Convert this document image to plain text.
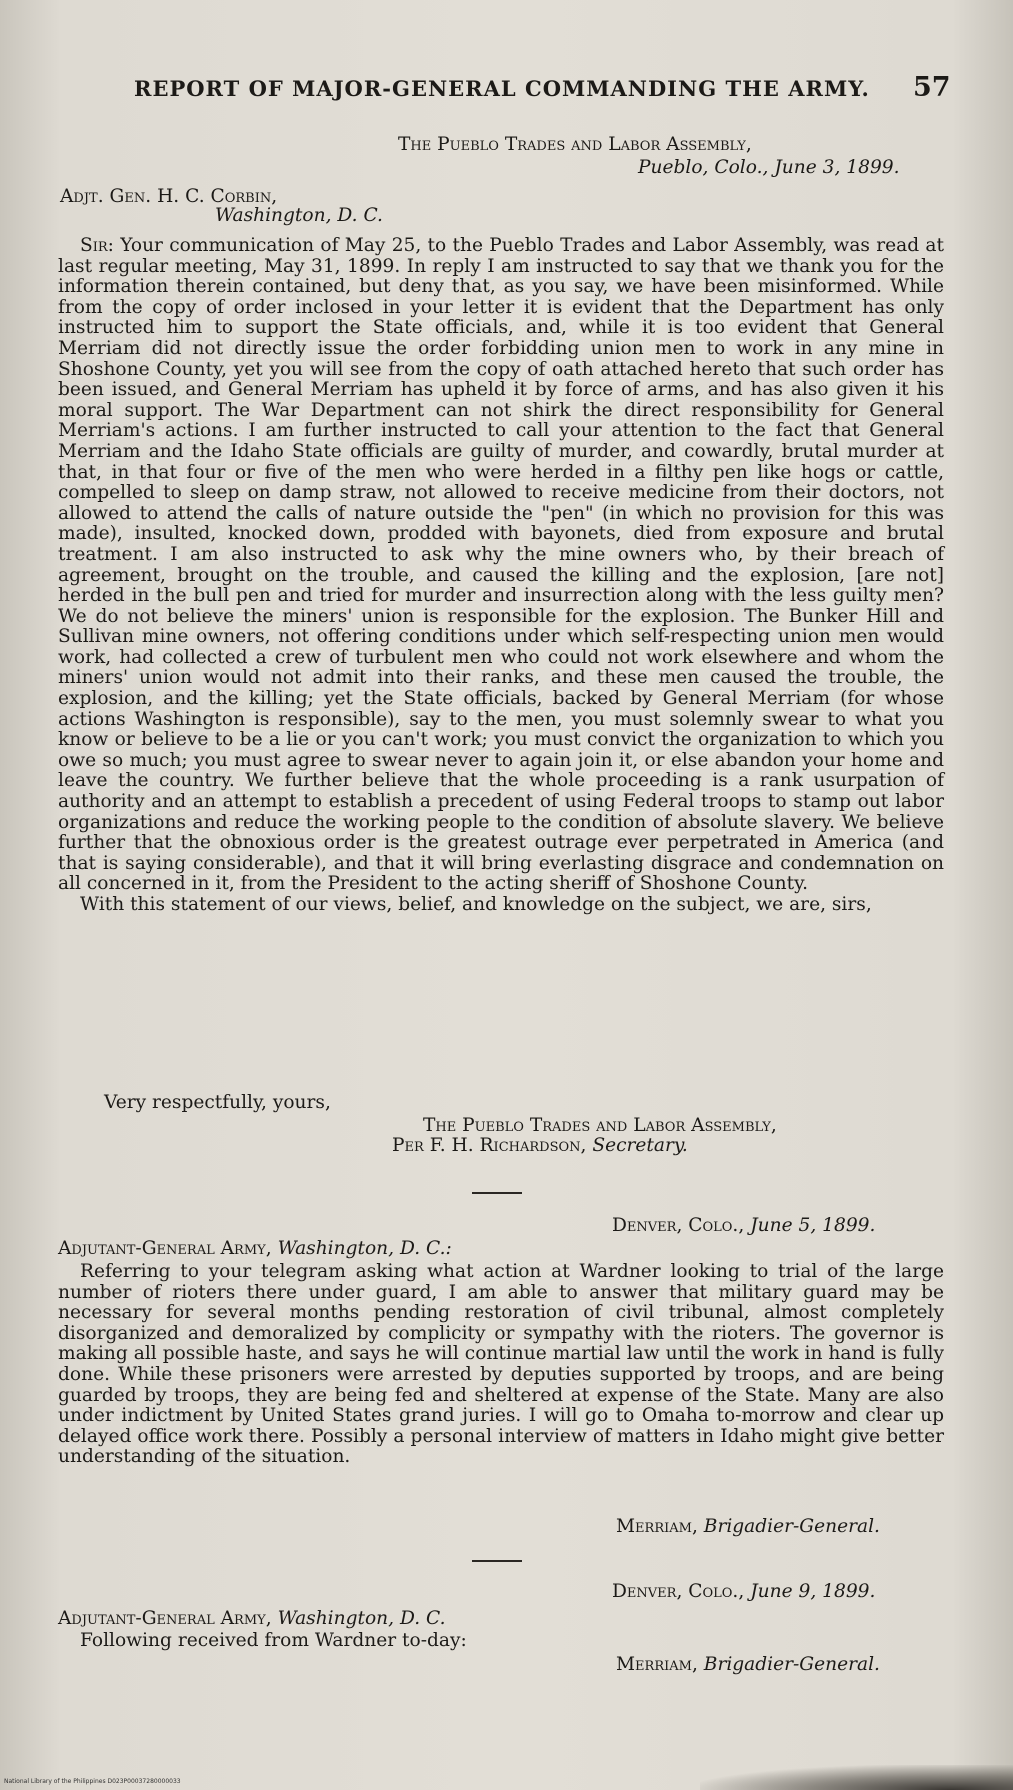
REPORT OF MAJOR-GENERAL COMMANDING THE ARMY. 57
The Pueblo Trades and Labor Assembly,
Pueblo, Colo., June 3, 1899.
Adjt. Gen. H. C. Corbin,
Washington, D. C.

Sir: Your communication of May 25, to the Pueblo Trades and Labor Assembly, was read at last regular meeting, May 31, 1899. In reply I am instructed to say that we thank you for the information therein contained, but deny that, as you say, we have been misinformed. While from the copy of order inclosed in your letter it is evident that the Department has only instructed him to support the State officials, and, while it is too evident that General Merriam did not directly issue the order forbidding union men to work in any mine in Shoshone County, yet you will see from the copy of oath attached hereto that such order has been issued, and General Merriam has upheld it by force of arms, and has also given it his moral support. The War Department can not shirk the direct responsibility for General Merriam's actions. I am further instructed to call your attention to the fact that General Merriam and the Idaho State officials are guilty of murder, and cowardly, brutal murder at that, in that four or five of the men who were herded in a filthy pen like hogs or cattle, compelled to sleep on damp straw, not allowed to receive medicine from their doctors, not allowed to attend the calls of nature outside the "pen" (in which no provision for this was made), insulted, knocked down, prodded with bayonets, died from exposure and brutal treatment. I am also instructed to ask why the mine owners who, by their breach of agreement, brought on the trouble, and caused the killing and the explosion, [are not] herded in the bull pen and tried for murder and insurrection along with the less guilty men? We do not believe the miners' union is responsible for the explosion. The Bunker Hill and Sullivan mine owners, not offering conditions under which self-respecting union men would work, had collected a crew of turbulent men who could not work elsewhere and whom the miners' union would not admit into their ranks, and these men caused the trouble, the explosion, and the killing; yet the State officials, backed by General Merriam (for whose actions Washington is responsible), say to the men, you must solemnly swear to what you know or believe to be a lie or you can't work; you must convict the organization to which you owe so much; you must agree to swear never to again join it, or else abandon your home and leave the country. We further believe that the whole proceeding is a rank usurpation of authority and an attempt to establish a precedent of using Federal troops to stamp out labor organizations and reduce the working people to the condition of absolute slavery. We believe further that the obnoxious order is the greatest outrage ever perpetrated in America (and that is saying considerable), and that it will bring everlasting disgrace and condemnation on all concerned in it, from the President to the acting sheriff of Shoshone County.

With this statement of our views, belief, and knowledge on the subject, we are, sirs,

Very respectfully, yours,
The Pueblo Trades and Labor Assembly,
Per F. H. Richardson, Secretary.
Denver, Colo., June 5, 1899.
Adjutant-General Army, Washington, D. C.:

Referring to your telegram asking what action at Wardner looking to trial of the large number of rioters there under guard, I am able to answer that military guard may be necessary for several months pending restoration of civil tribunal, almost completely disorganized and demoralized by complicity or sympathy with the rioters. The governor is making all possible haste, and says he will continue martial law until the work in hand is fully done. While these prisoners were arrested by deputies supported by troops, and are being guarded by troops, they are being fed and sheltered at expense of the State. Many are also under indictment by United States grand juries. I will go to Omaha to-morrow and clear up delayed office work there. Possibly a personal interview of matters in Idaho might give better understanding of the situation.

Merriam, Brigadier-General.
Denver, Colo., June 9, 1899.
Adjutant-General Army, Washington, D. C.
Following received from Wardner to-day:
Merriam, Brigadier-General.
National Library of the Philippines D023P00037280000033
